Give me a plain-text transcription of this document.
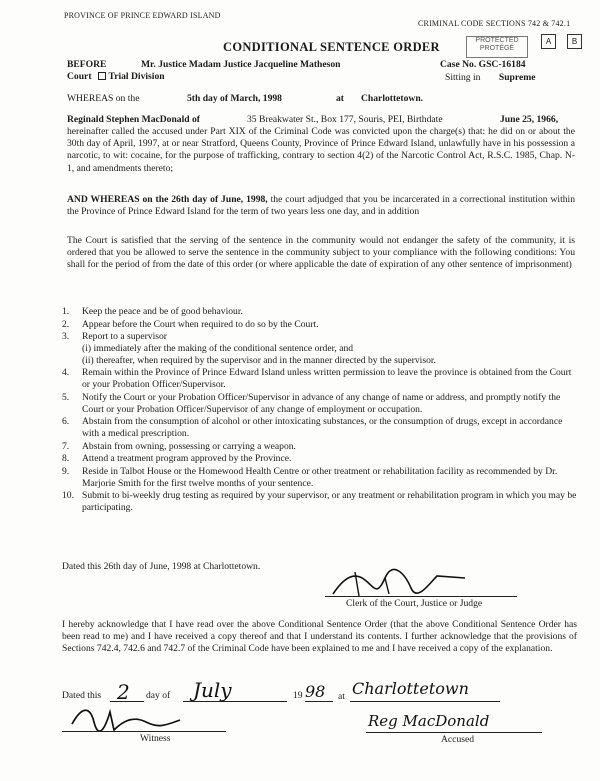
PROVINCE OF PRINCE EDWARD ISLAND
CRIMINAL CODE SECTIONS 742 & 742.1
PROTECTED
PROTÉGÉ
A	B
CONDITIONAL SENTENCE ORDER
BEFORE	Mr. Justice Madam Justice Jacqueline Matheson	Case No. GSC-16184
Court Trial Division	Sitting in Supreme
WHEREAS on the	5th day of March, 1998	at Charlottetown.
Reginald Stephen MacDonald of	35 Breakwater St., Box 177, Souris, PEI, Birthdate	June 25, 1966,
hereinafter called the accused under Part XIX of the Criminal Code was convicted upon the charge(s) that: he did on or about the 30th day of April, 1997, at or near Stratford, Queens County, Province of Prince Edward Island, unlawfully have in his possession a narcotic, to wit: cocaine, for the purpose of trafficking, contrary to section 4(2) of the Narcotic Control Act, R.S.C. 1985, Chap. N-1, and amendments thereto;
AND WHEREAS on the 26th day of June, 1998, the court adjudged that you be incarcerated in a correctional institution within the Province of Prince Edward Island for the term of two years less one day, and in addition
The Court is satisfied that the serving of the sentence in the community would not endanger the safety of the community, it is ordered that you be allowed to serve the sentence in the community subject to your compliance with the following conditions: You shall for the period of from the date of this order (or where applicable the date of expiration of any other sentence of imprisonment)
1.	Keep the peace and be of good behaviour.
2.	Appear before the Court when required to do so by the Court.
3.	Report to a supervisor
(i) immediately after the making of the conditional sentence order, and
(ii) thereafter, when required by the supervisor and in the manner directed by the supervisor.
4.	Remain within the Province of Prince Edward Island unless written permission to leave the province is obtained from the Court or your Probation Officer/Supervisor.
5.	Notify the Court or your Probation Officer/Supervisor in advance of any change of name or address, and promptly notify the Court or your Probation Officer/Supervisor of any change of employment or occupation.
6.	Abstain from the consumption of alcohol or other intoxicating substances, or the consumption of drugs, except in accordance with a medical prescription.
7.	Abstain from owning, possessing or carrying a weapon.
8.	Attend a treatment program approved by the Province.
9.	Reside in Talbot House or the Homewood Health Centre or other treatment or rehabilitation facility as recommended by Dr. Marjorie Smith for the first twelve months of your sentence.
10. Submit to bi-weekly drug testing as required by your supervisor, or any treatment or rehabilitation program in which you may be participating.
Dated this 26th day of June, 1998 at Charlottetown.
Clerk of the Court, Justice or Judge
I hereby acknowledge that I have read over the above Conditional Sentence Order (that the above Conditional Sentence Order has been read to me) and I have received a copy thereof and that I understand its contents. I further acknowledge that the provisions of Sections 742.4, 742.6 and 742.7 of the Criminal Code have been explained to me and I have received a copy of the explanation.
Dated this 2 day of July	19 98 at Charlottetown
Witness
Reg MacDonald
Accused
